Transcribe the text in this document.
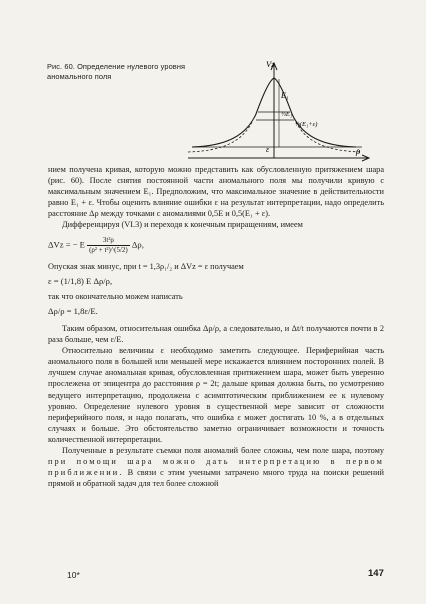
Рис. 60. Определение нулевого уровня аномального поля
E₁
½E₁
½(E₁+ε)
ε
Vz
ρ

нием получена кривая, которую можно представить как обусловленную притяжением шара (рис. 60). После снятия постоянной части аномального поля мы получили кривую с максимальным значением E₁. Предположим, что максимальное значение в действительности равно E₁ + ε. Чтобы оценить влияние ошибки ε на результат интерпретации, надо определить расстояние Δρ между точками с аномалиями 0,5E и 0,5(E₁ + ε).

Дифференцируя (VI.3) и переходя к конечным приращениям, имеем

ΔVz = − E $\frac{\text{3t²ρ}}{\text{(ρ² + t²)\textasciicircum{}(5/2)}} \Delta\rho$,

Опуская знак минус, при t = 1,3ρ₁/₂ и ΔVz = ε получаем

ε = (1/1,8) E Δρ/ρ,

так что окончательно можем написать

Δρ/ρ = 1,8ε/E.

Таким образом, относительная ошибка Δρ/ρ, а следовательно, и Δt/t получаются почти в 2 раза больше, чем ε/E.

Относительно величины ε необходимо заметить следующее. Периферийная часть аномального поля в большей или меньшей мере искажается влиянием посторонних полей. В лучшем случае аномальная кривая, обусловленная притяжением шара, может быть уверенно прослежена от эпицентра до расстояния ρ = 2t; дальше кривая должна быть, по усмотрению ведущего интерпретацию, продолжена с асимптотическим приближением ее к нулевому уровню. Определение нулевого уровня в существенной мере зависит от сложности периферийного поля, и надо полагать, что ошибка ε может достигать 10 %, а в отдельных случаях и больше. Это обстоятельство заметно ограничивает возможности и точность количественной интерпретации.

Полученные в результате съемки поля аномалий более сложны, чем поле шара, поэтому при помощи шара можно дать интерпретацию в первом приближении. В связи с этим учеными затрачено много труда на поиски решений прямой и обратной задач для тел более сложной

10*	147
